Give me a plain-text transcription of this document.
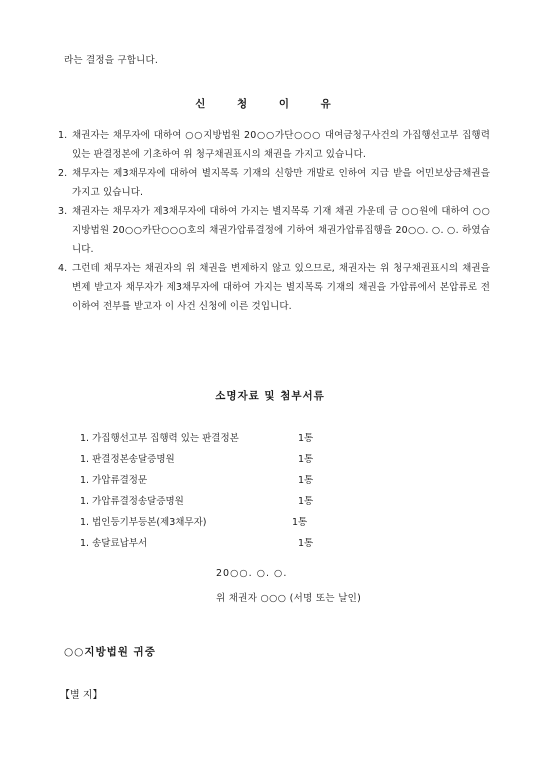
라는 결정을 구합니다.
신 청 이 유
1. 채권자는 채무자에 대하여 ○○지방법원 20○○가단○○○ 대여금청구사건의 가집행선고부 집행력 있는 판결정본에 기초하여 위 청구채권표시의 채권을 가지고 있습니다.
2. 채무자는 제3채무자에 대하여 별지목록 기재의 신항만 개발로 인하여 지급 받을 어민보상금채권을 가지고 있습니다.
3. 채권자는 채무자가 제3채무자에 대하여 가지는 별지목록 기재 채권 가운데 금 ○○원에 대하여 ○○지방법원 20○○카단○○○호의 채권가압류결정에 기하여 채권가압류집행을 20○○. ○. ○. 하였습니다.
4. 그런데 채무자는 채권자의 위 채권을 변제하지 않고 있으므로, 채권자는 위 청구채권표시의 채권을 변제 받고자 채무자가 제3채무자에 대하여 가지는 별지목록 기재의 채권을 가압류에서 본압류로 전이하여 전부를 받고자 이 사건 신청에 이른 것입니다.
소명자료 및 첨부서류
1. 가집행선고부 집행력 있는 판결정본	1통
1. 판결정본송달증명원	1통
1. 가압류결정문	1통
1. 가압류결정송달증명원	1통
1. 법인등기부등본(제3채무자)	1통
1. 송달료납부서	1통
20○○. ○. ○.
위 채권자 ○○○ (서명 또는 날인)
○○지방법원 귀중
【별 지】
